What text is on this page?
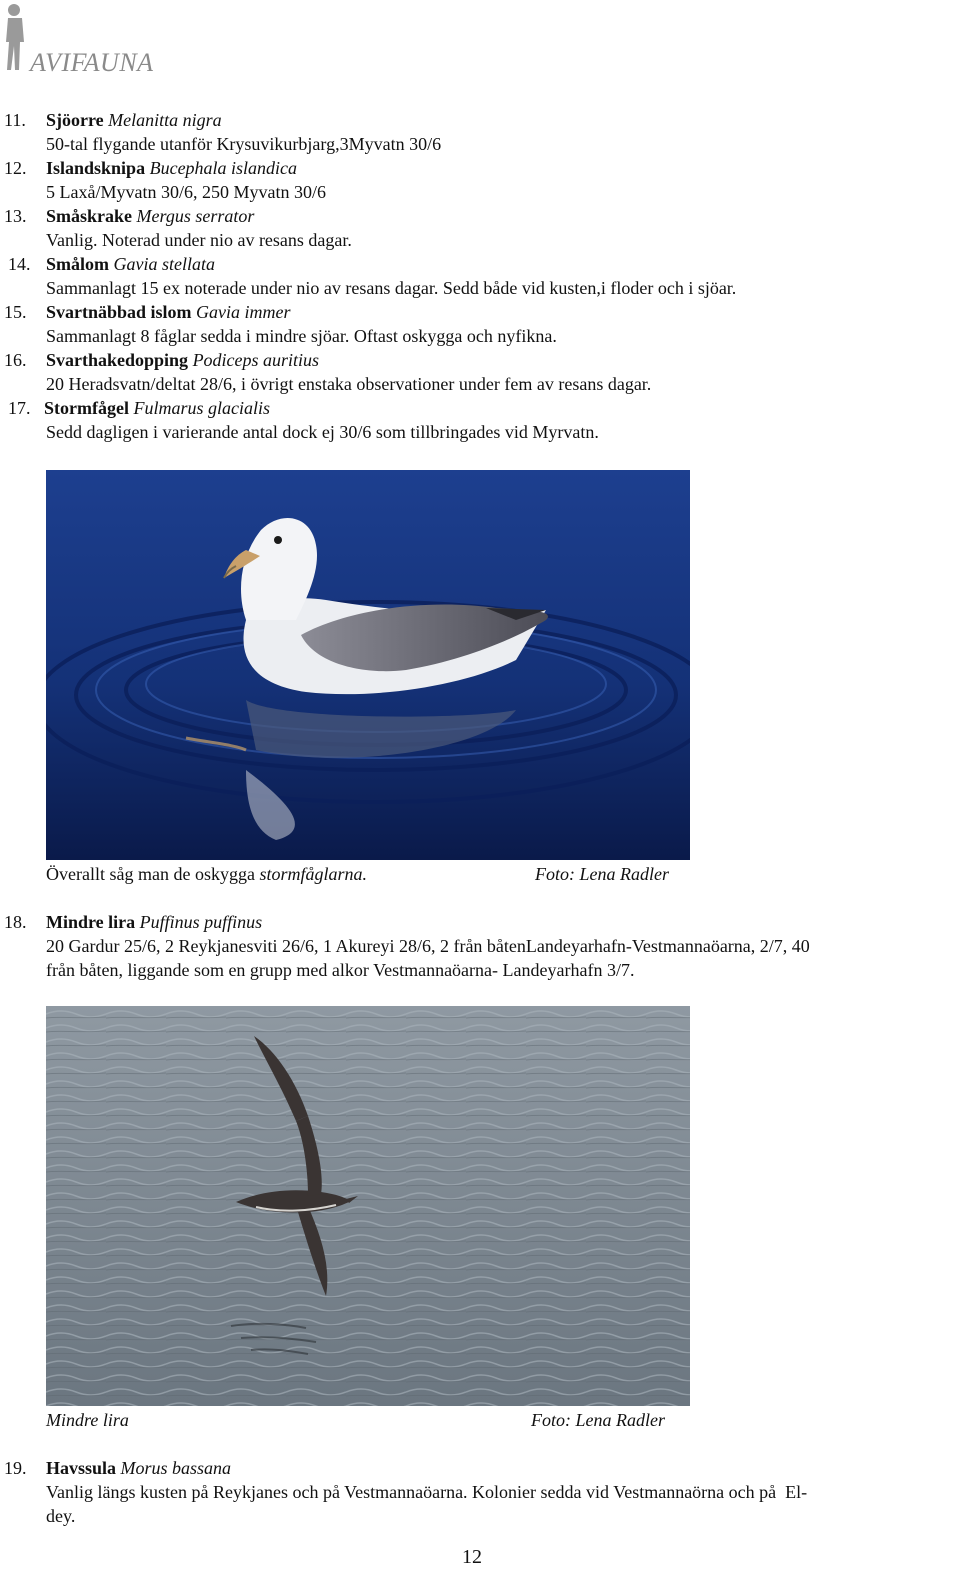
AVIFAUNA
11. Sjöorre Melanitta nigra
50-tal flygande utanför Krysuvikurbjarg,3Myvatn 30/6
12. Islandsknipa Bucephala islandica
5 Laxå/Myvatn 30/6, 250 Myvatn 30/6
13. Småskrake Mergus serrator
Vanlig. Noterad under nio av resans dagar.
14. Smålom Gavia stellata
Sammanlagt 15 ex noterade under nio av resans dagar. Sedd både vid kusten,i floder och i sjöar.
15. Svartnäbbad islom Gavia immer
Sammanlagt 8 fåglar sedda i mindre sjöar. Oftast oskygga och nyfikna.
16. Svarthakedopping Podiceps auritius
20 Heradsvatn/deltat 28/6, i övrigt enstaka observationer under fem av resans dagar.
17. Stormfågel Fulmarus glacialis
Sedd dagligen i varierande antal dock ej 30/6 som tillbringades vid Myrvatn.
Överallt såg man de oskygga stormfåglarna.	Foto: Lena Radler
18. Mindre lira Puffinus puffinus
20 Gardur 25/6, 2 Reykjanesviti 26/6, 1 Akureyi 28/6, 2 från båtenLandeyarhafn-Vestmannaöarna, 2/7, 40
från båten, liggande som en grupp med alkor Vestmannaöarna- Landeyarhafn 3/7.
Mindre lira	Foto: Lena Radler
19. Havssula Morus bassana
Vanlig längs kusten på Reykjanes och på Vestmannaöarna. Kolonier sedda vid Vestmannaörna och på  El-
dey.
12
